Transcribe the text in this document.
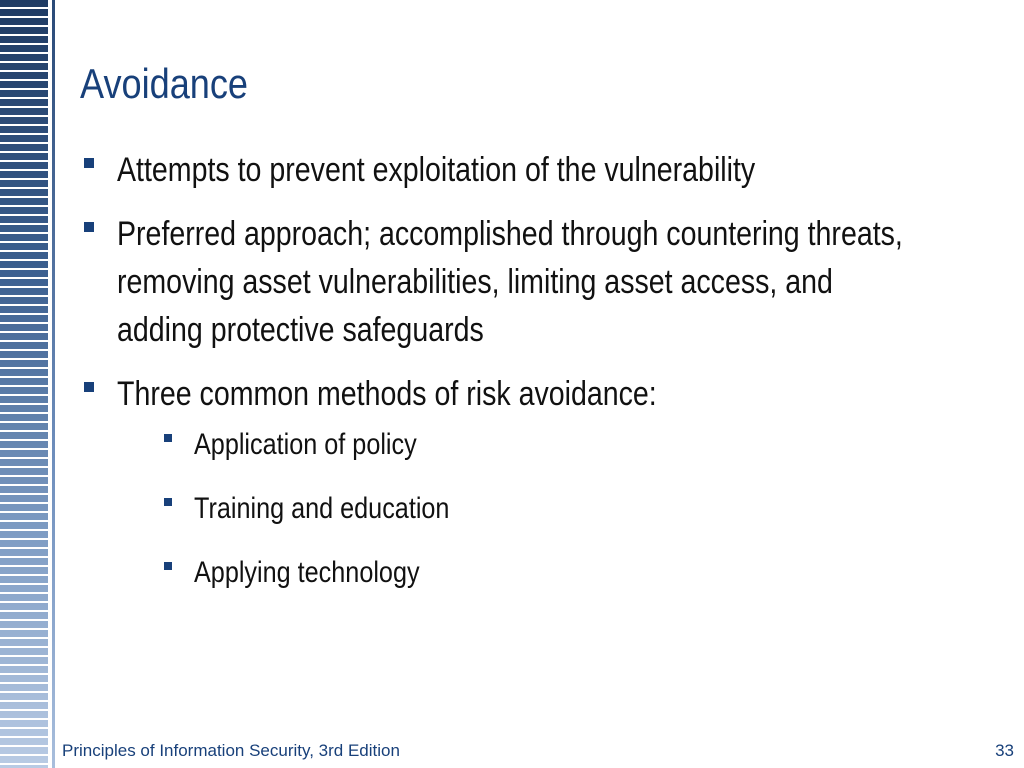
Avoidance
Attempts to prevent exploitation of the vulnerability
Preferred approach; accomplished through countering threats, removing asset vulnerabilities, limiting asset access, and adding protective safeguards
Three common methods of risk avoidance:
Application of policy
Training and education
Applying technology
Principles of Information Security, 3rd Edition	33
